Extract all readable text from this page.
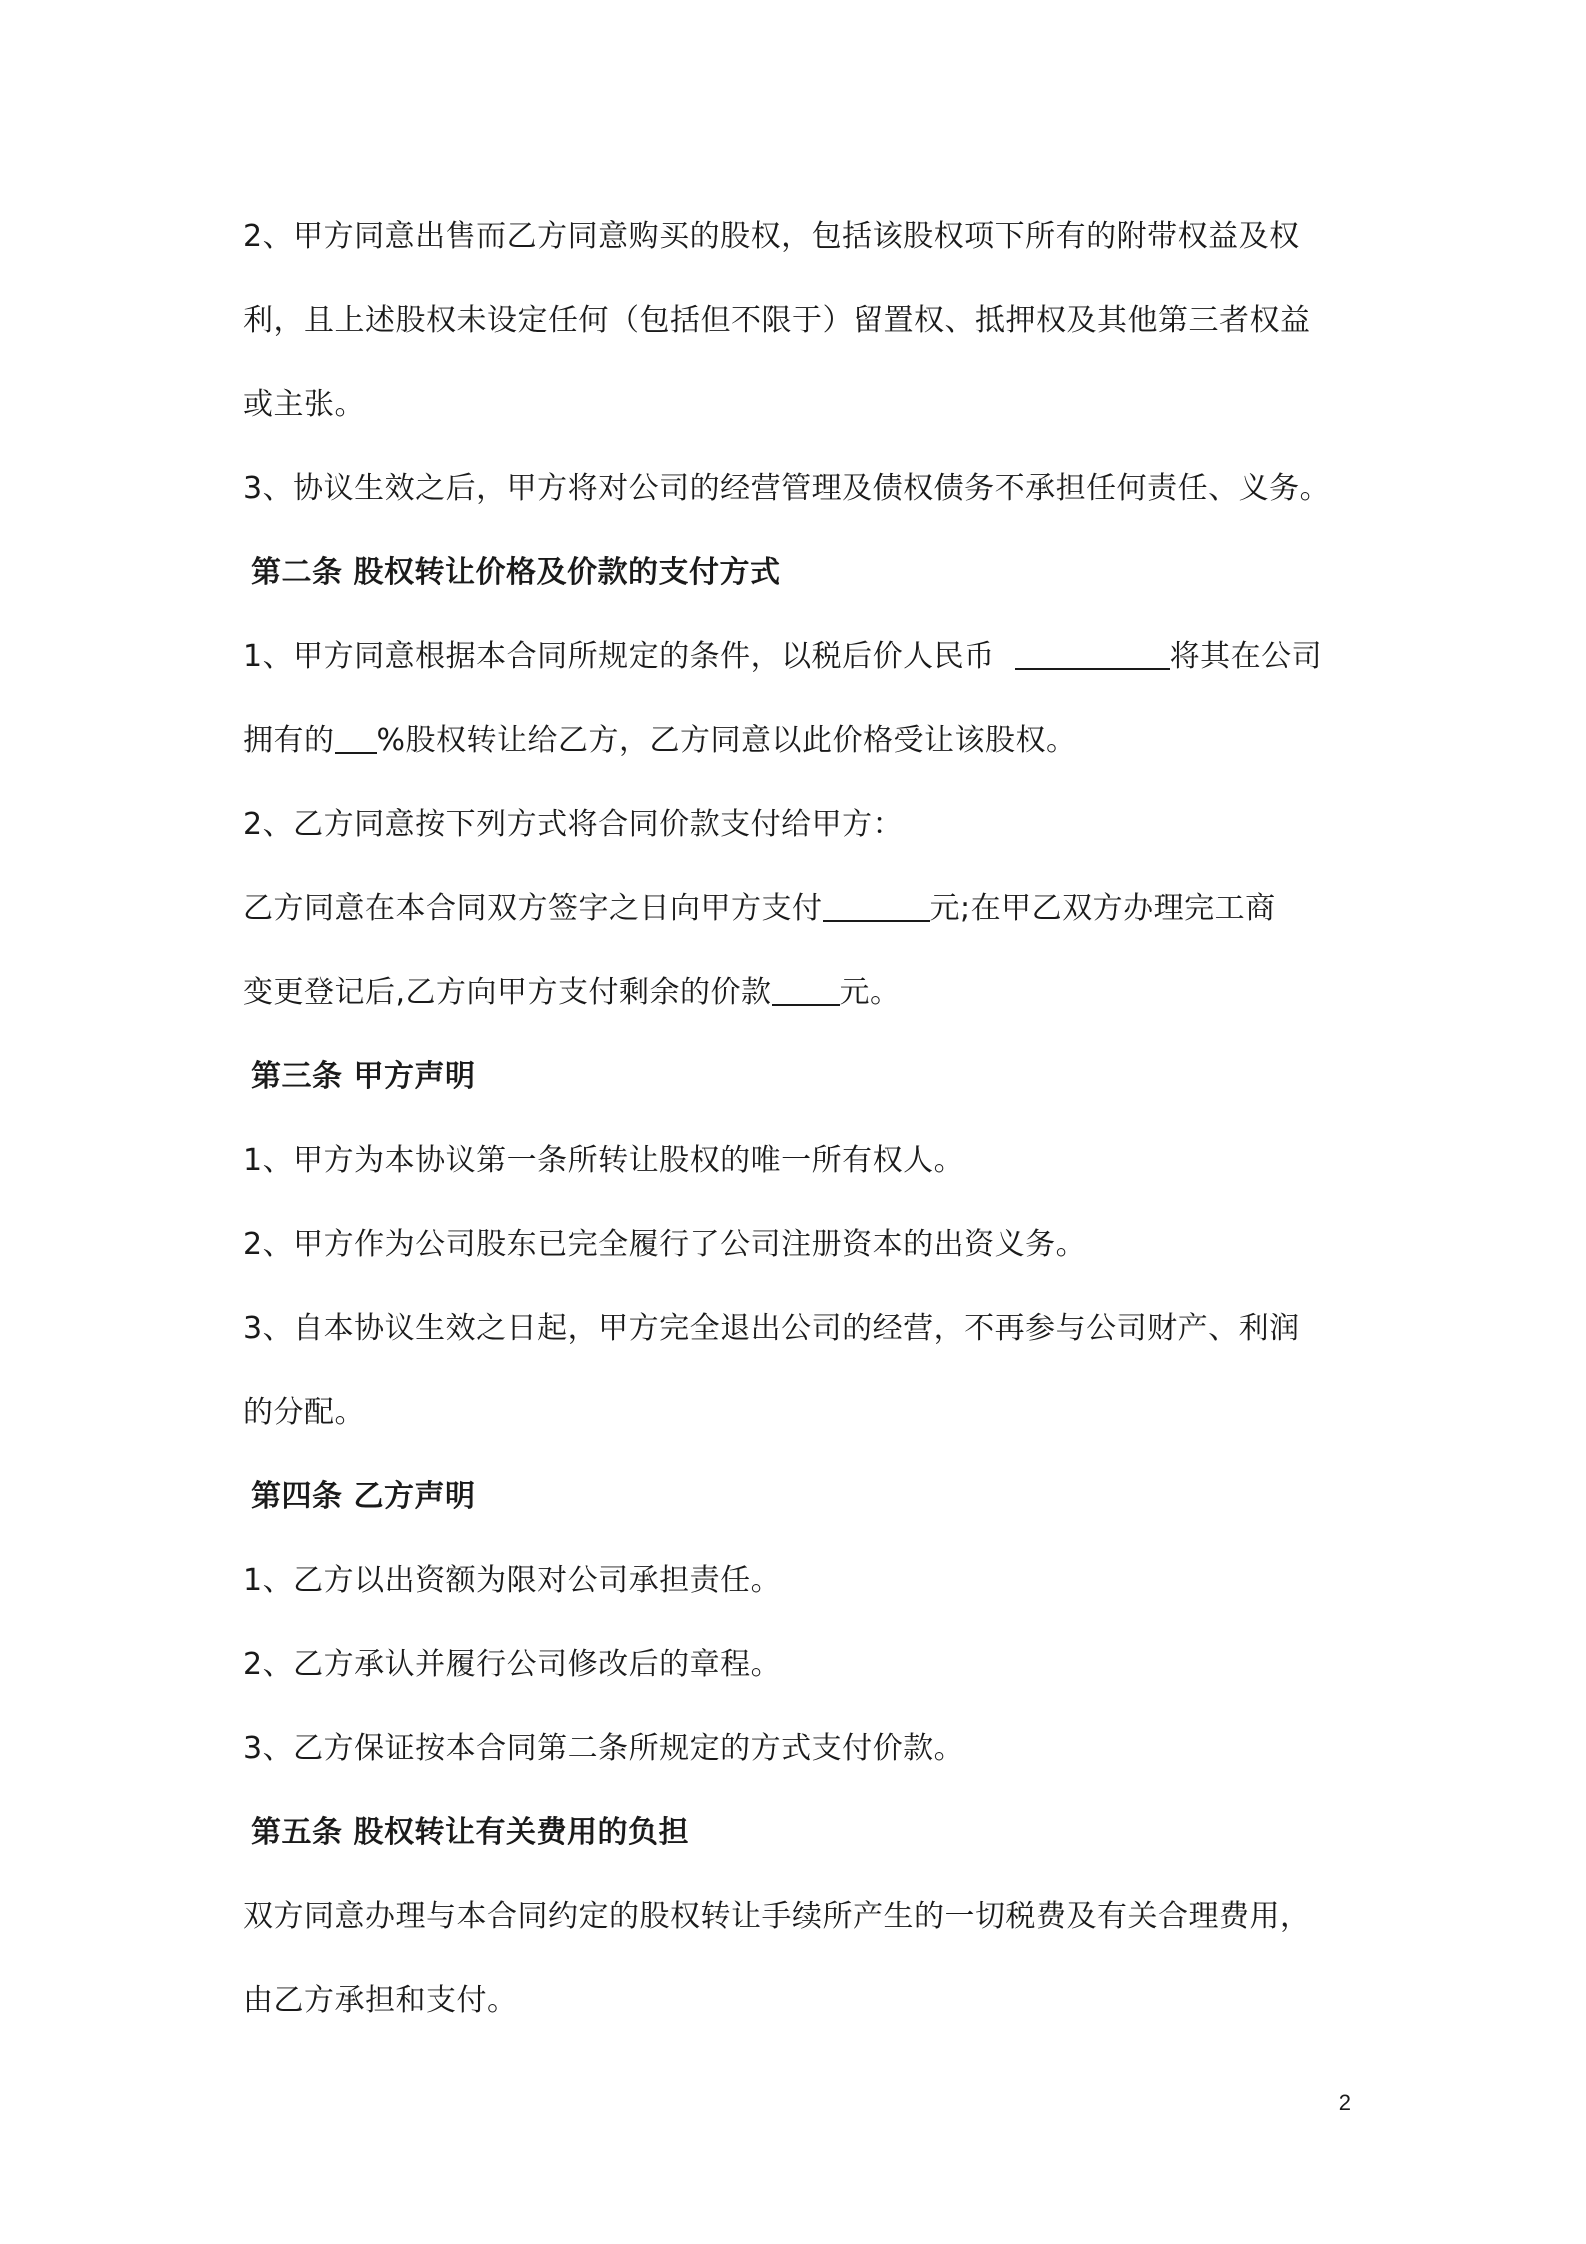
2、甲方同意出售而乙方同意购买的股权，包括该股权项下所有的附带权益及权
利，且上述股权未设定任何（包括但不限于）留置权、抵押权及其他第三者权益
或主张。
3、协议生效之后，甲方将对公司的经营管理及债权债务不承担任何责任、义务。
第二条 股权转让价格及价款的支付方式
1、甲方同意根据本合同所规定的条件，以税后价人民币	将其在公司
拥有的 %股权转让给乙方，乙方同意以此价格受让该股权。
2、乙方同意按下列方式将合同价款支付给甲方：
乙方同意在本合同双方签字之日向甲方支付	元;在甲乙双方办理完工商
变更登记后,乙方向甲方支付剩余的价款 元。
第三条 甲方声明
1、甲方为本协议第一条所转让股权的唯一所有权人。
2、甲方作为公司股东已完全履行了公司注册资本的出资义务。
3、自本协议生效之日起，甲方完全退出公司的经营，不再参与公司财产、利润
的分配。
第四条 乙方声明
1、乙方以出资额为限对公司承担责任。
2、乙方承认并履行公司修改后的章程。
3、乙方保证按本合同第二条所规定的方式支付价款。
第五条 股权转让有关费用的负担
双方同意办理与本合同约定的股权转让手续所产生的一切税费及有关合理费用，
由乙方承担和支付。
2
